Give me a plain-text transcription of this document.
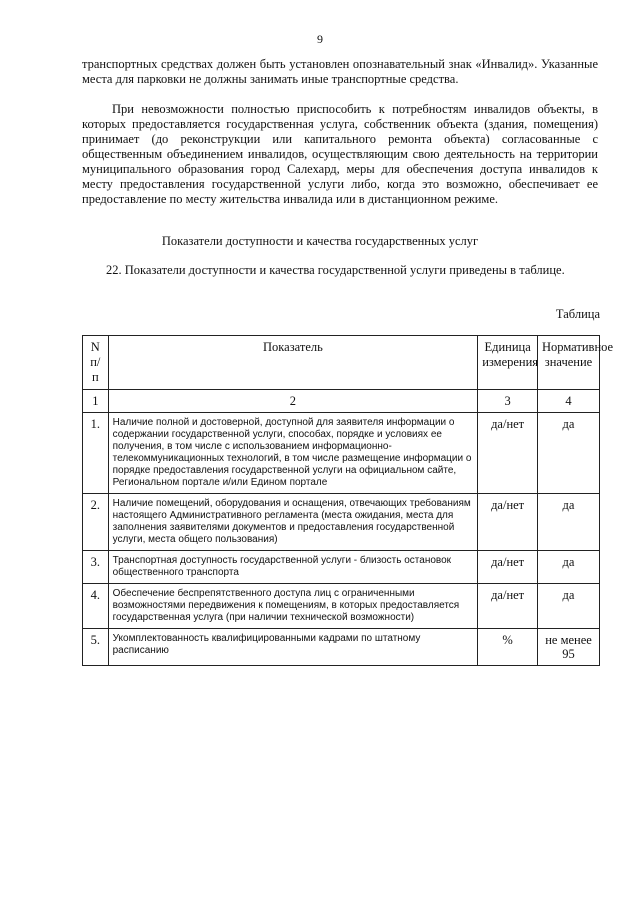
9

транспортных средствах должен быть установлен опознавательный знак «Инвалид». Указанные места для парковки не должны занимать иные транспортные средства.

При невозможности полностью приспособить к потребностям инвалидов объекты, в которых предоставляется государственная услуга, собственник объекта (здания, помещения) принимает (до реконструкции или капитального ремонта объекта) согласованные с общественным объединением инвалидов, осуществляющим свою деятельность на территории муниципального образования город Салехард, меры для обеспечения доступа инвалидов к месту предоставления государственной услуги либо, когда это возможно, обеспечивает ее предоставление по месту жительства инвалида или в дистанционном режиме.

Показатели доступности и качества государственных услуг

22. Показатели доступности и качества государственной услуги приведены в таблице.

Таблица
N п/п	Показатель	Единица измерения	Нормативное значение
1	2	3	4
1.	Наличие полной и достоверной, доступной для заявителя информации о содержании государственной услуги, способах, порядке и условиях ее получения, в том числе с использованием информационно-телекоммуникационных технологий, в том числе размещение информации о порядке предоставления государственной услуги на официальном сайте, Региональном портале и/или Едином портале	да/нет	да
2.	Наличие помещений, оборудования и оснащения, отвечающих требованиям настоящего Административного регламента (места ожидания, места для заполнения заявителями документов и предоставления государственной услуги, места общего пользования)	да/нет	да
3.	Транспортная доступность государственной услуги - близость остановок общественного транспорта	да/нет	да
4.	Обеспечение беспрепятственного доступа лиц с ограниченными возможностями передвижения к помещениям, в которых предоставляется государственная услуга (при наличии технической возможности)	да/нет	да
5.	Укомплектованность квалифицированными кадрами по штатному расписанию	%	не менее 95
